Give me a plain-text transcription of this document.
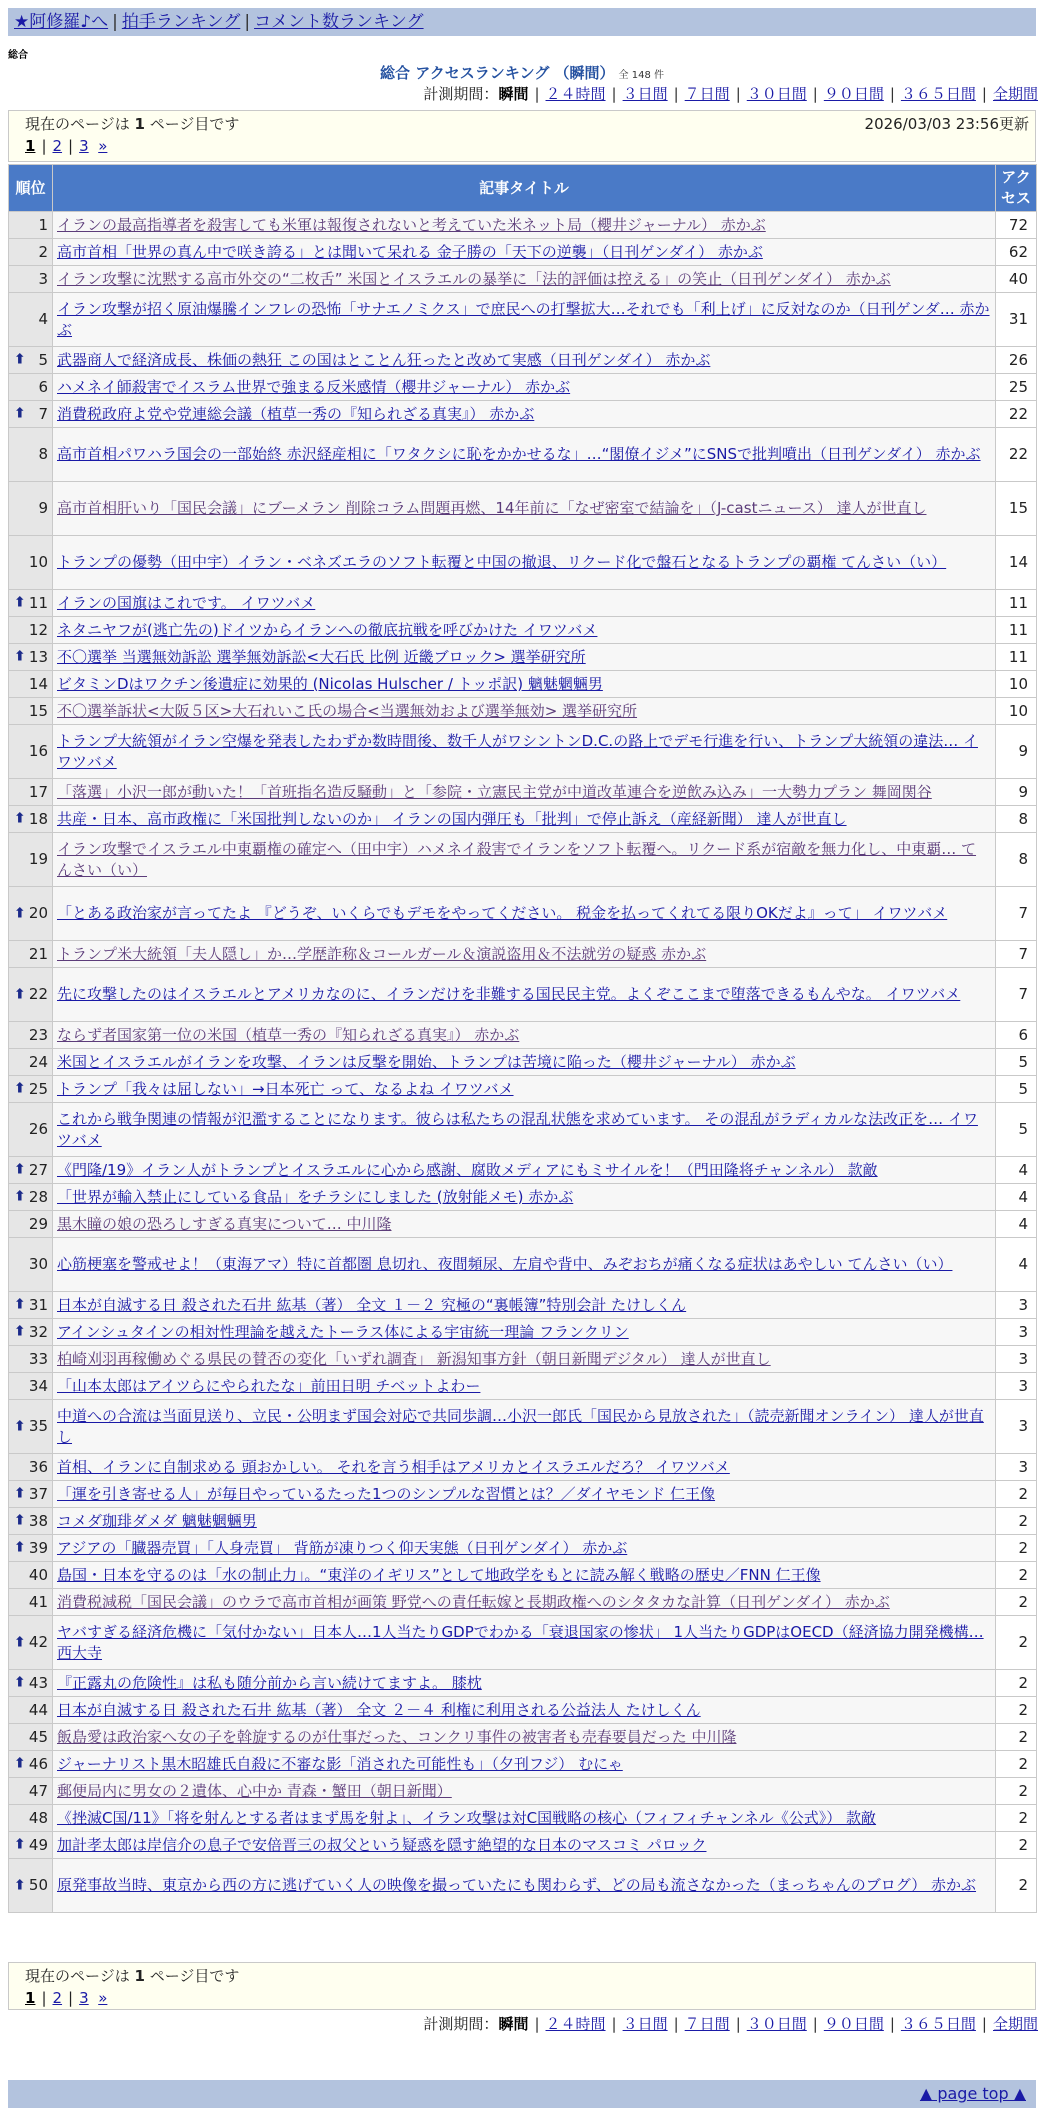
★阿修羅♪へ | 拍手ランキング | コメント数ランキング
総合
総合 アクセスランキング （瞬間） 全 148 件
計測期間：瞬間 | ２４時間 | ３日間 | ７日間 | ３０日間 | ９０日間 | ３６５日間 | 全期間
現在のページは 1 ページ目です	2026/03/03 23:56更新
1 | 2 | 3 »
順位	記事タイトル	アクセス
1	イランの最高指導者を殺害しても米軍は報復されないと考えていた米ネット局（櫻井ジャーナル） 赤かぶ	72
2	高市首相「世界の真ん中で咲き誇る」とは聞いて呆れる 金子勝の「天下の逆襲」（日刊ゲンダイ） 赤かぶ	62
3	イラン攻撃に沈黙する高市外交の“二枚舌” 米国とイスラエルの暴挙に「法的評価は控える」の笑止（日刊ゲンダイ） 赤かぶ	40
4	イラン攻撃が招く原油爆騰インフレの恐怖「サナエノミクス」で庶民への打撃拡大…それでも「利上げ」に反対なのか（日刊ゲンダ… 赤かぶ	31

⬆ 5	武器商人で経済成長、株価の熱狂 この国はとことん狂ったと改めて実感（日刊ゲンダイ） 赤かぶ	26
6	ハメネイ師殺害でイスラム世界で強まる反米感情（櫻井ジャーナル） 赤かぶ	25

⬆ 7	消費税政府よ党や党連総会議（植草一秀の『知られざる真実』） 赤かぶ	22
8	高市首相パワハラ国会の一部始終 赤沢経産相に「ワタクシに恥をかかせるな」…“閣僚イジメ”にSNSで批判噴出（日刊ゲンダイ） 赤かぶ	22
9	高市首相肝いり「国民会議」にブーメラン 削除コラム問題再燃、14年前に「なぜ密室で結論を」（J-castニュース） 達人が世直し	15
10	トランプの優勢（田中宇）イラン・ベネズエラのソフト転覆と中国の撤退、リクード化で盤石となるトランプの覇権 てんさい（い）	14

⬆ 11	イランの国旗はこれです。 イワツバメ	11
12	ネタニヤフが(逃亡先の)ドイツからイランへの徹底抗戦を呼びかけた イワツバメ	11

⬆ 13	不〇選挙 当選無効訴訟 選挙無効訴訟<大石氏 比例 近畿ブロック> 選挙研究所	11
14	ビタミンDはワクチン後遺症に効果的 (Nicolas Hulscher / トッポ訳) 魑魅魍魎男	10
15	不〇選挙訴状<大阪５区>大石れいこ氏の場合<当選無効および選挙無効> 選挙研究所	10
16	トランプ大統領がイラン空爆を発表したわずか数時間後、数千人がワシントンD.C.の路上でデモ行進を行い、トランプ大統領の違法… イワツバメ	9
17	「落選」小沢一郎が動いた！「首班指名造反騒動」と「参院・立憲民主党が中道改革連合を逆飲み込み」一大勢力プラン 舞岡関谷	9

⬆ 18	共産・日本、高市政権に「米国批判しないのか」 イランの国内弾圧も「批判」で停止訴え（産経新聞） 達人が世直し	8
19	イラン攻撃でイスラエル中東覇権の確定へ（田中宇）ハメネイ殺害でイランをソフト転覆へ。リクード系が宿敵を無力化し、中東覇… てんさい（い）	8

⬆ 20	「とある政治家が言ってたよ 『どうぞ、いくらでもデモをやってください。 税金を払ってくれてる限りOKだよ』って」 イワツバメ	7
21	トランプ米大統領「夫人隠し」か…学歴詐称＆コールガール＆演説盗用＆不法就労の疑惑 赤かぶ	7

⬆ 22	先に攻撃したのはイスラエルとアメリカなのに、イランだけを非難する国民民主党。よくぞここまで堕落できるもんやな。 イワツバメ	7
23	ならず者国家第一位の米国（植草一秀の『知られざる真実』） 赤かぶ	6
24	米国とイスラエルがイランを攻撃、イランは反撃を開始、トランプは苦境に陥った（櫻井ジャーナル） 赤かぶ	5

⬆ 25	トランプ「我々は屈しない」→日本死亡 って、なるよね イワツバメ	5
26	これから戦争関連の情報が氾濫することになります。彼らは私たちの混乱状態を求めています。 その混乱がラディカルな法改正を… イワツバメ	5

⬆ 27	《門隆/19》イラン人がトランプとイスラエルに心から感謝、腐敗メディアにもミサイルを！（門田隆将チャンネル） 款敵	4

⬆ 28	「世界が輸入禁止にしている食品」をチラシにしました (放射能メモ) 赤かぶ	4
29	黒木瞳の娘の恐ろしすぎる真実について… 中川隆	4
30	心筋梗塞を警戒せよ！（東海アマ）特に首都圏 息切れ、夜間頻尿、左肩や背中、みぞおちが痛くなる症状はあやしい てんさい（い）	4

⬆ 31	日本が自滅する日 殺された石井 紘基（著） 全文 １－２ 究極の“裏帳簿”特別会計 たけしくん	3

⬆ 32	アインシュタインの相対性理論を越えたトーラス体による宇宙統一理論 フランクリン	3
33	柏崎刈羽再稼働めぐる県民の賛否の変化「いずれ調査」 新潟知事方針（朝日新聞デジタル） 達人が世直し	3
34	「山本太郎はアイツらにやられたな」前田日明 チベットよわー	3

⬆ 35	中道への合流は当面見送り、立民・公明まず国会対応で共同歩調…小沢一郎氏「国民から見放された」（読売新聞オンライン） 達人が世直し	3
36	首相、イランに自制求める 頭おかしい。 それを言う相手はアメリカとイスラエルだろ？ イワツバメ	3

⬆ 37	「運を引き寄せる人」が毎日やっているたった1つのシンプルな習慣とは？／ダイヤモンド 仁王像	2

⬆ 38	コメダ珈琲ダメダ 魑魅魍魎男	2

⬆ 39	アジアの「臓器売買」「人身売買」 背筋が凍りつく仰天実態（日刊ゲンダイ） 赤かぶ	2
40	島国・日本を守るのは「水の制止力」。“東洋のイギリス”として地政学をもとに読み解く戦略の歴史／FNN 仁王像	2
41	消費税減税「国民会議」のウラで高市首相が画策 野党への責任転嫁と長期政権へのシタタカな計算（日刊ゲンダイ） 赤かぶ	2

⬆ 42	ヤバすぎる経済危機に「気付かない」日本人…1人当たりGDPでわかる「衰退国家の惨状」 1人当たりGDPはOECD（経済協力開発機構… 西大寺	2

⬆ 43	『正露丸の危険性』は私も随分前から言い続けてますよ。 膝枕	2
44	日本が自滅する日 殺された石井 紘基（著） 全文 ２－４ 利権に利用される公益法人 たけしくん	2
45	飯島愛は政治家へ女の子を斡旋するのが仕事だった、コンクリ事件の被害者も売春要員だった 中川隆	2

⬆ 46	ジャーナリスト黒木昭雄氏自殺に不審な影「消された可能性も」（夕刊フジ） むにゃ	2
47	郵便局内に男女の２遺体、心中か 青森・蟹田（朝日新聞）	2
48	《挫滅C国/11》「将を射んとする者はまず馬を射よ」、イラン攻撃は対C国戦略の核心（フィフィチャンネル《公式》） 款敵	2

⬆ 49	加計孝太郎は岸信介の息子で安倍晋三の叔父という疑惑を隠す絶望的な日本のマスコミ パロック	2

⬆ 50	原発事故当時、東京から西の方に逃げていく人の映像を撮っていたにも関わらず、どの局も流さなかった（まっちゃんのブログ） 赤かぶ	2
現在のページは 1 ページ目です
1 | 2 | 3 »
計測期間：瞬間 | ２４時間 | ３日間 | ７日間 | ３０日間 | ９０日間 | ３６５日間 | 全期間
▲ page top ▲
